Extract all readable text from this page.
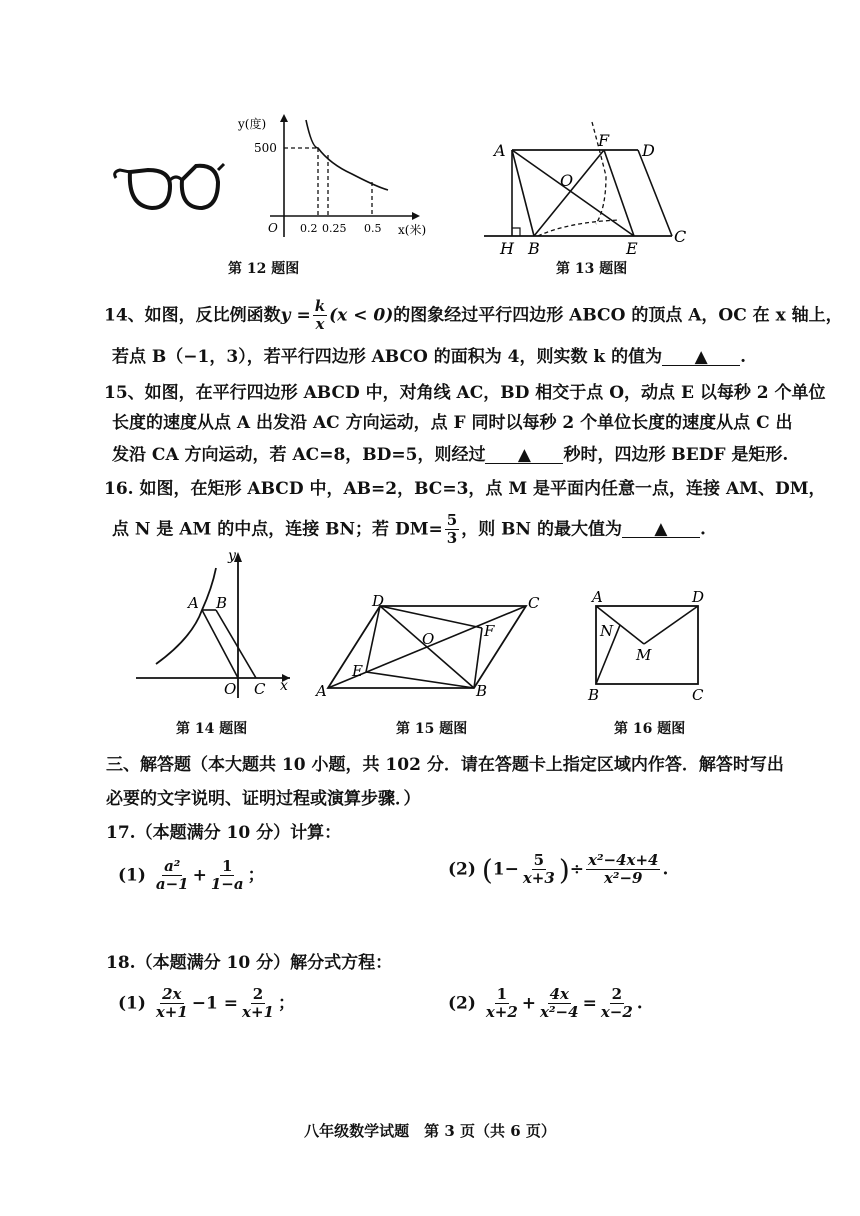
y(度)
500
O 0.2 0.25 0.5 x(米)
第 12 题图
A
F
D
O
H B	E
C
第 13 题图
14、如图，反比例函数$y = \frac{k}{x} (x < 0)$的图象经过平行四边形 ABCO 的顶点 A，OC 在 x 轴上，
若点 B（−1，3），若平行四边形 ABCO 的面积为 4，则实数 k 的值为 ▲ .
15、如图，在平行四边形 ABCD 中，对角线 AC，BD 相交于点 O，动点 E 以每秒 2 个单位
长度的速度从点 A 出发沿 AC 方向运动，点 F 同时以每秒 2 个单位长度的速度从点 C 出
发沿 CA 方向运动，若 AC=8，BD=5，则经过 ▲ 秒时，四边形 BEDF 是矩形.
16. 如图，在矩形 ABCD 中，AB=2，BC=3，点 M 是平面内任意一点，连接 AM、DM，
点 N 是 AM 的中点，连接 BN；若 $DM= \frac{5}{3}$ ，则 BN 的最大值为 ▲ .
A B
O C x
y
第 14 题图
D	C
O	F
E
A	B
第 15 题图
A	D
N
M
B	C
第 16 题图
三、解答题（本大题共 10 小题，共 102 分．请在答题卡上指定区域内作答．解答时写出
必要的文字说明、证明过程或演算步骤．）
17.（本题满分 10 分）计算：
$(1) \frac{\text{a²}}{a-1} + \frac{1}{1-a}$ ；	(2) ($1- \frac{5}{x+3}$ )÷ $\frac{\text{x²−4x+4}}{\text{x²−9}}$ .
18.（本题满分 10 分）解分式方程：
$(1) \frac{2x}{x+1} -1 = \frac{2}{x+1}$ ；	$(2) \frac{1}{x+2} + \frac{4x}{\text{x²−4}} = \frac{2}{x-2}$ .
八年级数学试题　第 3 页（共 6 页）
